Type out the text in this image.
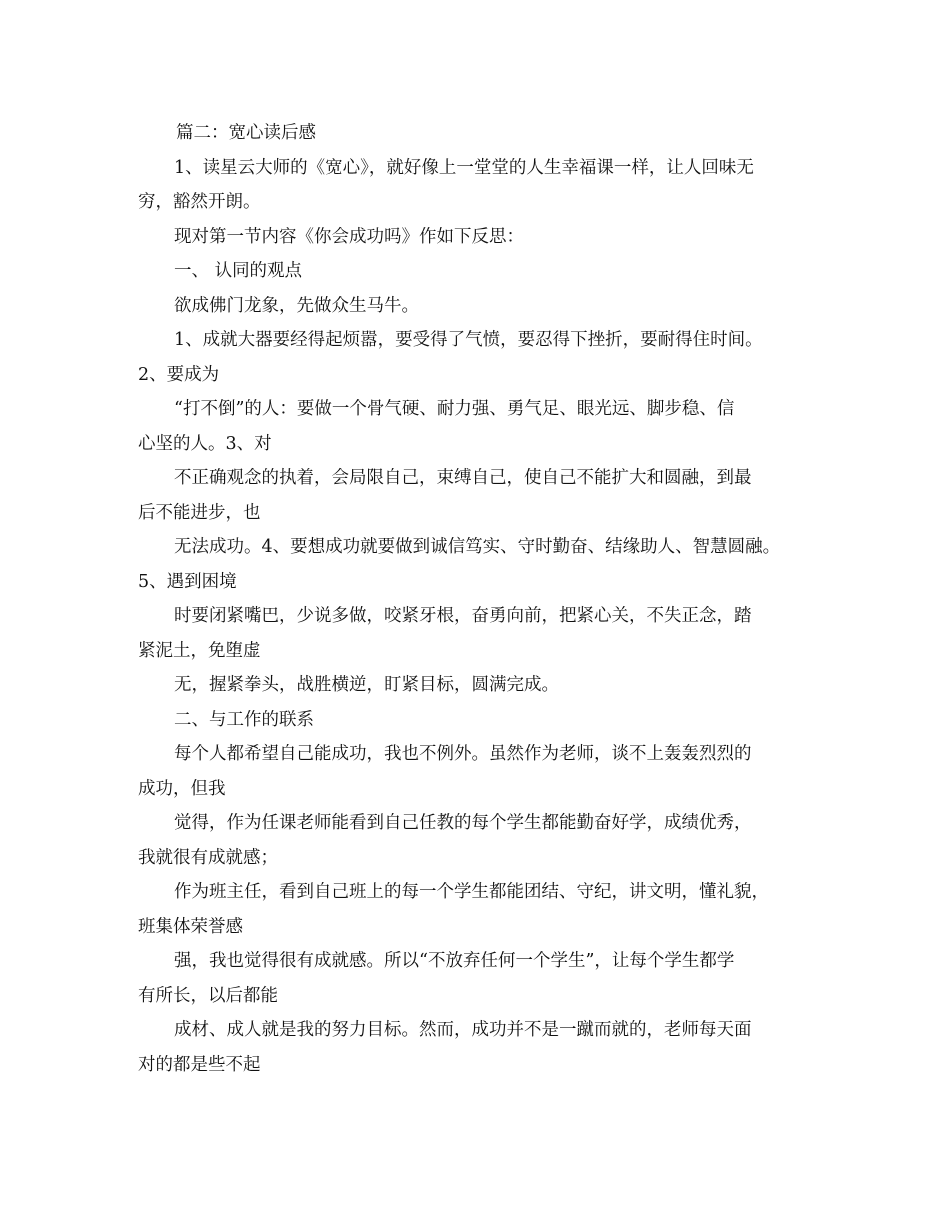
篇二：宽心读后感
1、读星云大师的《宽心》，就好像上一堂堂的人生幸福课一样，让人回味无
穷，豁然开朗。
现对第一节内容《你会成功吗》作如下反思：
一、 认同的观点
欲成佛门龙象，先做众生马牛。
1、成就大器要经得起烦嚣，要受得了气愤，要忍得下挫折，要耐得住时间。
2、要成为
“打不倒”的人：要做一个骨气硬、耐力强、勇气足、眼光远、脚步稳、信
心坚的人。3、对
不正确观念的执着，会局限自己，束缚自己，使自己不能扩大和圆融，到最
后不能进步，也
无法成功。4、要想成功就要做到诚信笃实、守时勤奋、结缘助人、智慧圆融。
5、遇到困境
时要闭紧嘴巴，少说多做，咬紧牙根，奋勇向前，把紧心关，不失正念，踏
紧泥土，免堕虚
无，握紧拳头，战胜横逆，盯紧目标，圆满完成。
二、与工作的联系
每个人都希望自己能成功，我也不例外。虽然作为老师，谈不上轰轰烈烈的
成功，但我
觉得，作为任课老师能看到自己任教的每个学生都能勤奋好学，成绩优秀，
我就很有成就感；
作为班主任，看到自己班上的每一个学生都能团结、守纪，讲文明，懂礼貌，
班集体荣誉感
强，我也觉得很有成就感。所以“不放弃任何一个学生”，让每个学生都学
有所长，以后都能
成材、成人就是我的努力目标。然而，成功并不是一蹴而就的，老师每天面
对的都是些不起
